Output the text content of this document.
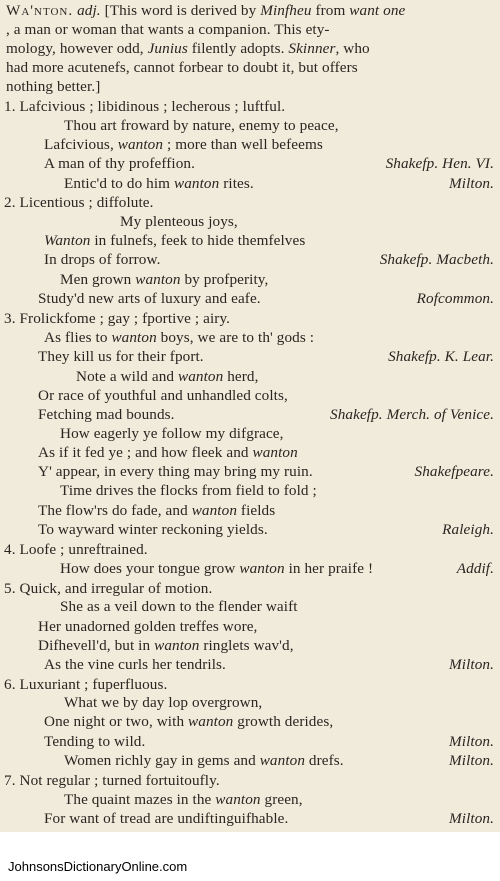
Wa'nton. adj. [This word is derived by Minfheu from want one
, a man or woman that wants a companion. This ety-
mology, however odd, Junius filently adopts. Skinner, who
had more acutenefs, cannot forbear to doubt it, but offers
nothing better.]
1. Lafcivious ; libidinous ; lecherous ; luftful.
Thou art froward by nature, enemy to peace,
Lafcivious, wanton ; more than well befeems
A man of thy profeffion.	Shakefp. Hen. VI.
Entic'd to do him wanton rites.	Milton.
2. Licentious ; diffolute.
My plenteous joys,
Wanton in fulnefs, feek to hide themfelves
In drops of forrow.	Shakefp. Macbeth.
Men grown wanton by profperity,
Study'd new arts of luxury and eafe.	Rofcommon.
3. Frolickfome ; gay ; fportive ; airy.
As flies to wanton boys, we are to th' gods :
They kill us for their fport.	Shakefp. K. Lear.
Note a wild and wanton herd,
Or race of youthful and unhandled colts,
Fetching mad bounds.	Shakefp. Merch. of Venice.
How eagerly ye follow my difgrace,
As if it fed ye ; and how fleek and wanton
Y' appear, in every thing may bring my ruin.	Shakefpeare.
Time drives the flocks from field to fold ;
The flow'rs do fade, and wanton fields
To wayward winter reckoning yields.	Raleigh.
4. Loofe ; unreftrained.
How does your tongue grow wanton in her praife !	Addif.
5. Quick, and irregular of motion.
She as a veil down to the flender waift
Her unadorned golden treffes wore,
Difhevell'd, but in wanton ringlets wav'd,
As the vine curls her tendrils.	Milton.
6. Luxuriant ; fuperfluous.
What we by day lop overgrown,
One night or two, with wanton growth derides,
Tending to wild.	Milton.
Women richly gay in gems and wanton drefs.	Milton.
7. Not regular ; turned fortuitoufly.
The quaint mazes in the wanton green,
For want of tread are undiftinguifhable.	Milton.
JohnsonsDictionaryOnline.com
